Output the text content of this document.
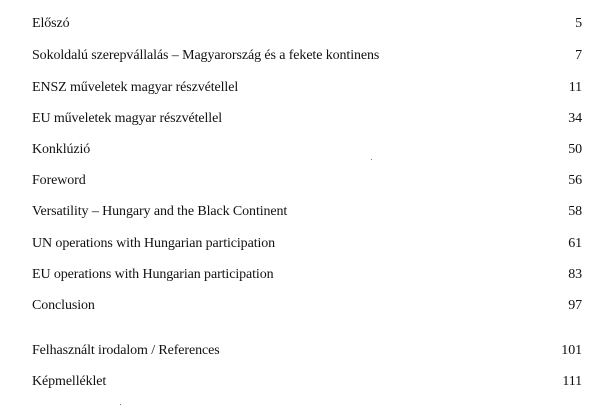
Előszó	5
Sokoldalú szerepvállalás – Magyarország és a fekete kontinens	7
ENSZ műveletek magyar részvétellel	11
EU műveletek magyar részvétellel	34
Konklúzió	50
Foreword	56
Versatility – Hungary and the Black Continent	58
UN operations with Hungarian participation	61
EU operations with Hungarian participation	83
Conclusion	97
Felhasznált irodalom / References	101
Képmelléklet	111
